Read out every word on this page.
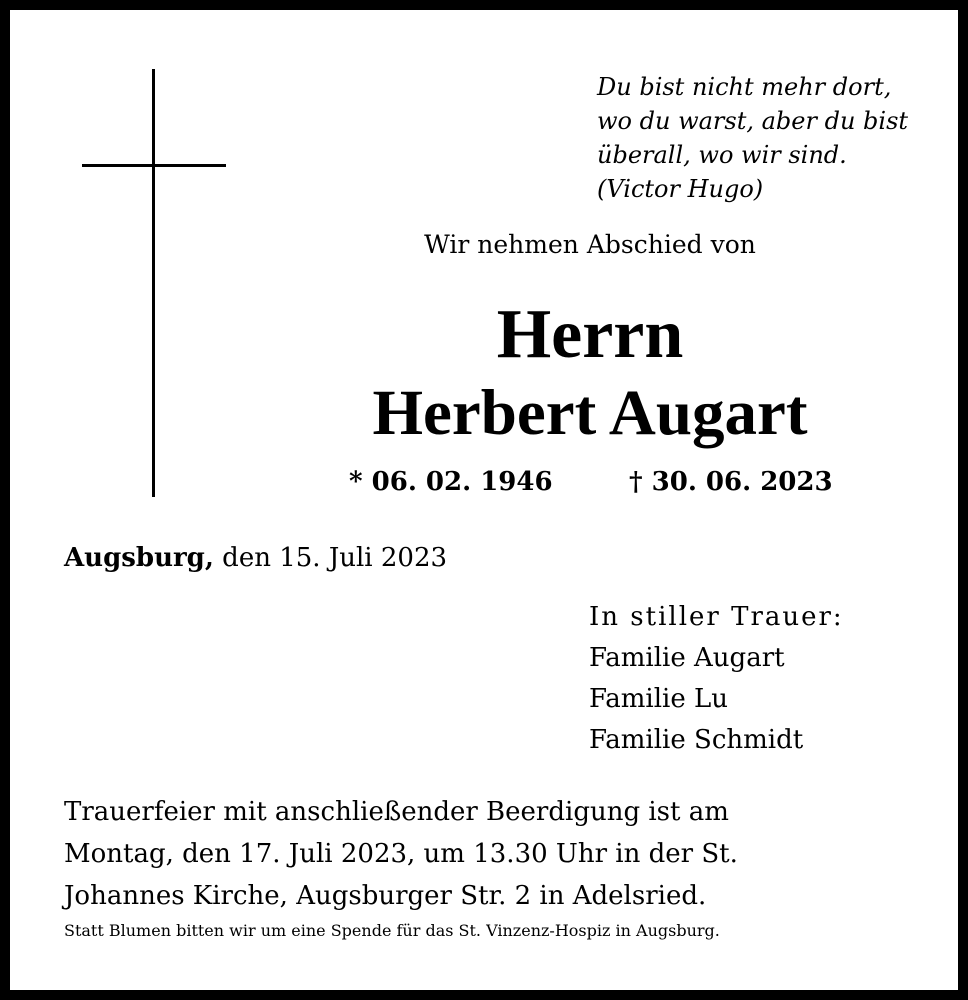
Du bist nicht mehr dort,
wo du warst, aber du bist
überall, wo wir sind.
(Victor Hugo)
Wir nehmen Abschied von
Herrn
Herbert Augart
* 06. 02. 1946	† 30. 06. 2023
Augsburg, den 15. Juli 2023
In stiller Trauer:
Familie Augart
Familie Lu
Familie Schmidt
Trauerfeier mit anschließender Beerdigung ist am
Montag, den 17. Juli 2023, um 13.30 Uhr in der St.
Johannes Kirche, Augsburger Str. 2 in Adelsried.
Statt Blumen bitten wir um eine Spende für das St. Vinzenz-Hospiz in Augsburg.
